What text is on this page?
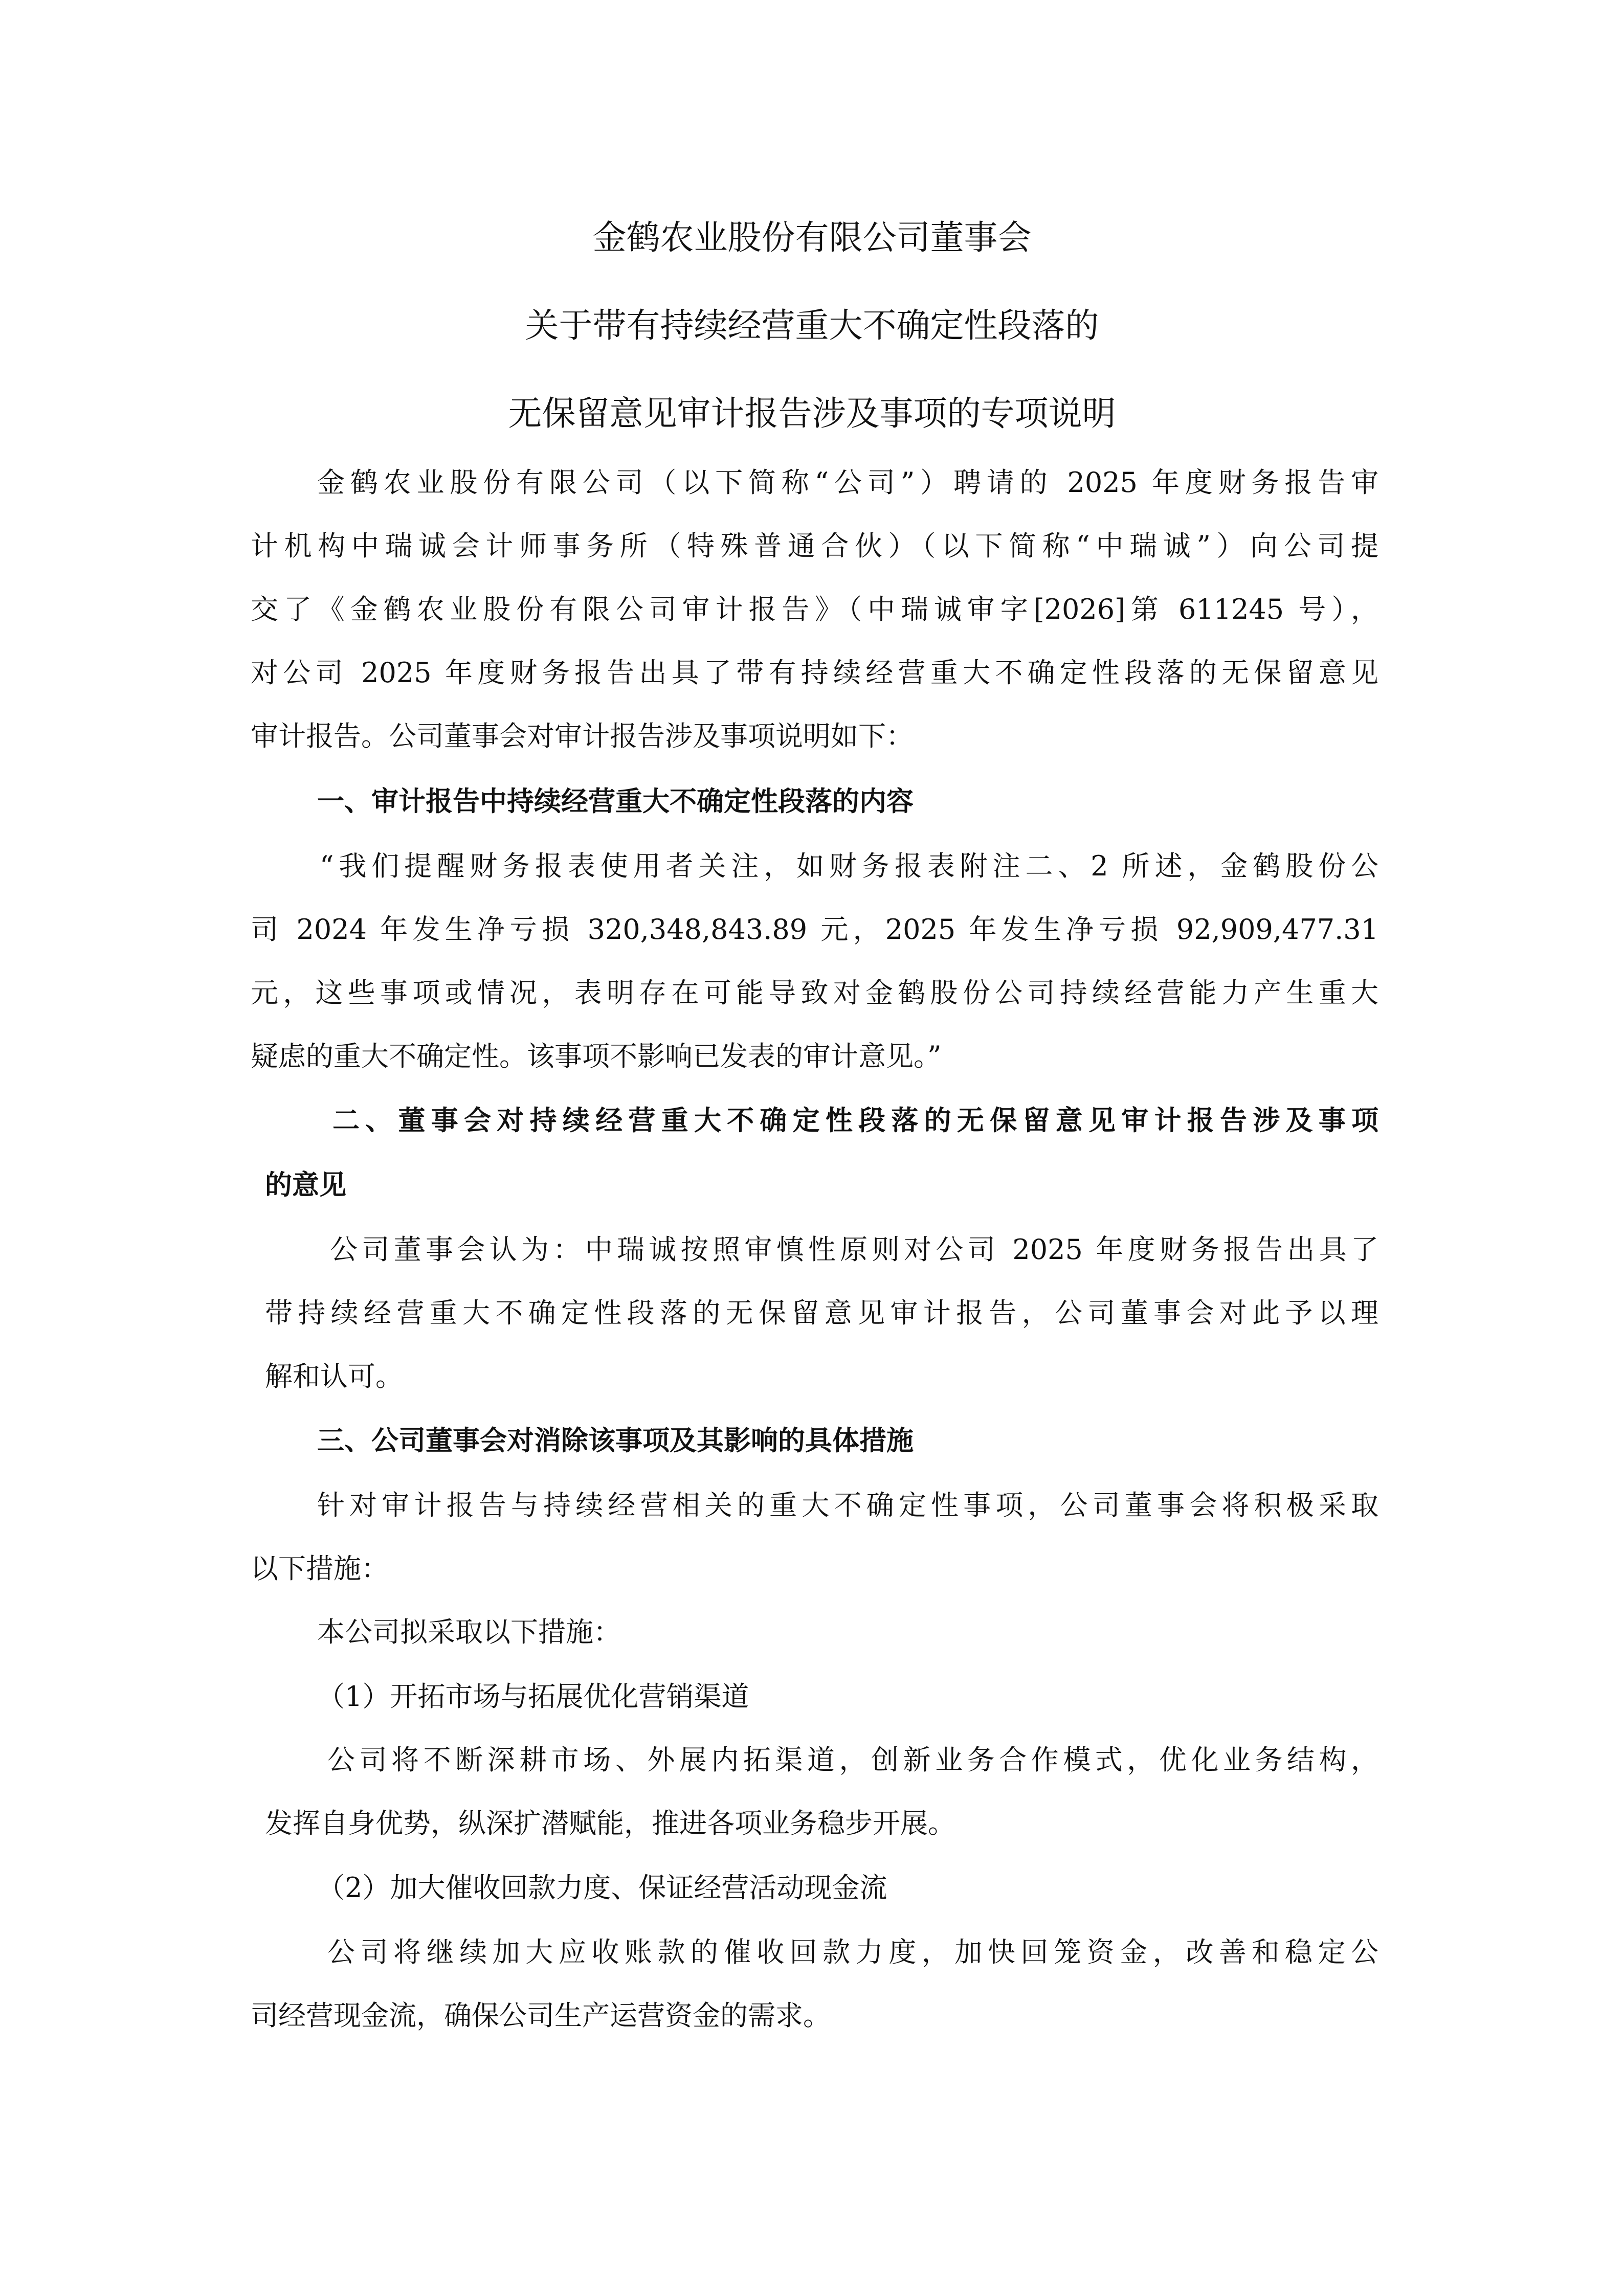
金鹤农业股份有限公司董事会
关于带有持续经营重大不确定性段落的
无保留意见审计报告涉及事项的专项说明
金鹤农业股份有限公司（以下简称“公司”）聘请的 2025 年度财务报告审
计机构中瑞诚会计师事务所（特殊普通合伙）（以下简称“中瑞诚”）向公司提
交了《金鹤农业股份有限公司审计报告》（中瑞诚审字[2026]第 611245 号），
对公司 2025 年度财务报告出具了带有持续经营重大不确定性段落的无保留意见
审计报告。公司董事会对审计报告涉及事项说明如下：
一、审计报告中持续经营重大不确定性段落的内容
“我们提醒财务报表使用者关注，如财务报表附注二、2 所述，金鹤股份公
司 2024 年发生净亏损 320,348,843.89 元，2025 年发生净亏损 92,909,477.31
元，这些事项或情况，表明存在可能导致对金鹤股份公司持续经营能力产生重大
疑虑的重大不确定性。该事项不影响已发表的审计意见。”
二、董事会对持续经营重大不确定性段落的无保留意见审计报告涉及事项
的意见
公司董事会认为：中瑞诚按照审慎性原则对公司 2025 年度财务报告出具了
带持续经营重大不确定性段落的无保留意见审计报告，公司董事会对此予以理
解和认可。
三、公司董事会对消除该事项及其影响的具体措施
针对审计报告与持续经营相关的重大不确定性事项，公司董事会将积极采取
以下措施：
本公司拟采取以下措施：
（1）开拓市场与拓展优化营销渠道
公司将不断深耕市场、外展内拓渠道，创新业务合作模式，优化业务结构，
发挥自身优势，纵深扩潜赋能，推进各项业务稳步开展。
（2）加大催收回款力度、保证经营活动现金流
公司将继续加大应收账款的催收回款力度，加快回笼资金，改善和稳定公
司经营现金流，确保公司生产运营资金的需求。
